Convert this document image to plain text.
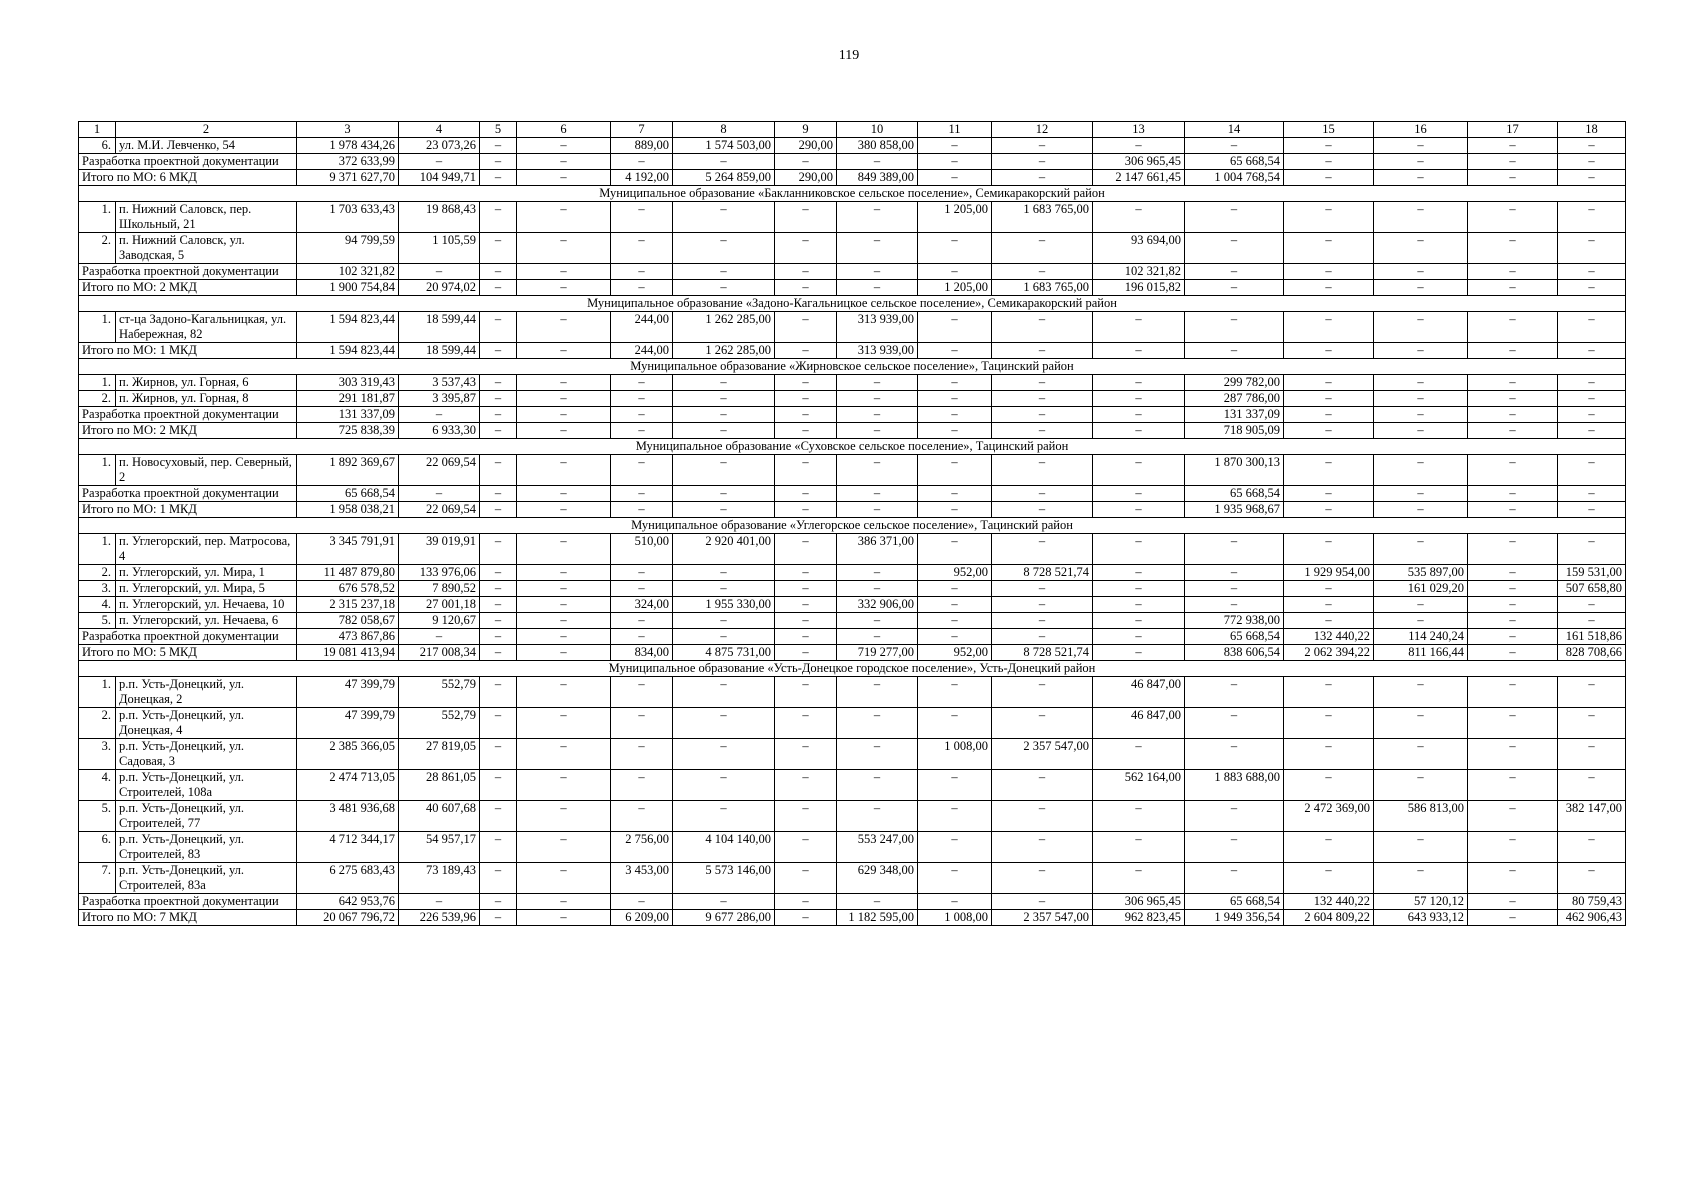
119
1	2	3	4	5	6	7	8	9	10	11	12	13	14	15	16	17	18
6.	ул. М.И. Левченко, 54	1 978 434,26	23 073,26	–	–	889,00	1 574 503,00	290,00	380 858,00	–	–	–	–	–	–	–	–
Разработка проектной документации		372 633,99	–	–	–	–	–	–	–	–	–	306 965,45	65 668,54	–	–	–	–
Итого по МО: 6 МКД		9 371 627,70	104 949,71	–	–	4 192,00	5 264 859,00	290,00	849 389,00	–	–	2 147 661,45	1 004 768,54	–	–	–	–
Муниципальное образование «Бакланниковское сельское поселение», Семикаракорский район																	
1.	п. Нижний Саловск, пер. Школьный, 21	1 703 633,43	19 868,43	–	–	–	–	–	–	1 205,00	1 683 765,00	–	–	–	–	–	–
2.	п. Нижний Саловск, ул. Заводская, 5	94 799,59	1 105,59	–	–	–	–	–	–	–	–	93 694,00	–	–	–	–	–
Разработка проектной документации		102 321,82	–	–	–	–	–	–	–	–	–	102 321,82	–	–	–	–	–
Итого по МО: 2 МКД		1 900 754,84	20 974,02	–	–	–	–	–	–	1 205,00	1 683 765,00	196 015,82	–	–	–	–	–
Муниципальное образование «Задоно-Кагальницкое сельское поселение», Семикаракорский район																	
1.	ст-ца Задоно-Кагальницкая, ул. Набережная, 82	1 594 823,44	18 599,44	–	–	244,00	1 262 285,00	–	313 939,00	–	–	–	–	–	–	–	–
Итого по МО: 1 МКД		1 594 823,44	18 599,44	–	–	244,00	1 262 285,00	–	313 939,00	–	–	–	–	–	–	–	–
Муниципальное образование «Жирновское сельское поселение», Тацинский район																	
1.	п. Жирнов, ул. Горная, 6	303 319,43	3 537,43	–	–	–	–	–	–	–	–	–	299 782,00	–	–	–	–
2.	п. Жирнов, ул. Горная, 8	291 181,87	3 395,87	–	–	–	–	–	–	–	–	–	287 786,00	–	–	–	–
Разработка проектной документации		131 337,09	–	–	–	–	–	–	–	–	–	–	131 337,09	–	–	–	–
Итого по МО: 2 МКД		725 838,39	6 933,30	–	–	–	–	–	–	–	–	–	718 905,09	–	–	–	–
Муниципальное образование «Суховское сельское поселение», Тацинский район																	
1.	п. Новосуховый, пер. Северный, 2	1 892 369,67	22 069,54	–	–	–	–	–	–	–	–	–	1 870 300,13	–	–	–	–
Разработка проектной документации		65 668,54	–	–	–	–	–	–	–	–	–	–	65 668,54	–	–	–	–
Итого по МО: 1 МКД		1 958 038,21	22 069,54	–	–	–	–	–	–	–	–	–	1 935 968,67	–	–	–	–
Муниципальное образование «Углегорское сельское поселение», Тацинский район																	
1.	п. Углегорский, пер. Матросова, 4	3 345 791,91	39 019,91	–	–	510,00	2 920 401,00	–	386 371,00	–	–	–	–	–	–	–	–
2.	п. Углегорский, ул. Мира, 1	11 487 879,80	133 976,06	–	–	–	–	–	–	952,00	8 728 521,74	–	–	1 929 954,00	535 897,00	–	159 531,00
3.	п. Углегорский, ул. Мира, 5	676 578,52	7 890,52	–	–	–	–	–	–	–	–	–	–	–	161 029,20	–	507 658,80
4.	п. Углегорский, ул. Нечаева, 10	2 315 237,18	27 001,18	–	–	324,00	1 955 330,00	–	332 906,00	–	–	–	–	–	–	–	–
5.	п. Углегорский, ул. Нечаева, 6	782 058,67	9 120,67	–	–	–	–	–	–	–	–	–	772 938,00	–	–	–	–
Разработка проектной документации		473 867,86	–	–	–	–	–	–	–	–	–	–	65 668,54	132 440,22	114 240,24	–	161 518,86
Итого по МО: 5 МКД		19 081 413,94	217 008,34	–	–	834,00	4 875 731,00	–	719 277,00	952,00	8 728 521,74	–	838 606,54	2 062 394,22	811 166,44	–	828 708,66
Муниципальное образование «Усть-Донецкое городское поселение», Усть-Донецкий район																	
1.	р.п. Усть-Донецкий, ул. Донецкая, 2	47 399,79	552,79	–	–	–	–	–	–	–	–	46 847,00	–	–	–	–	–
2.	р.п. Усть-Донецкий, ул. Донецкая, 4	47 399,79	552,79	–	–	–	–	–	–	–	–	46 847,00	–	–	–	–	–
3.	р.п. Усть-Донецкий, ул. Садовая, 3	2 385 366,05	27 819,05	–	–	–	–	–	–	1 008,00	2 357 547,00	–	–	–	–	–	–
4.	р.п. Усть-Донецкий, ул. Строителей, 108а	2 474 713,05	28 861,05	–	–	–	–	–	–	–	–	562 164,00	1 883 688,00	–	–	–	–
5.	р.п. Усть-Донецкий, ул. Строителей, 77	3 481 936,68	40 607,68	–	–	–	–	–	–	–	–	–	–	2 472 369,00	586 813,00	–	382 147,00
6.	р.п. Усть-Донецкий, ул. Строителей, 83	4 712 344,17	54 957,17	–	–	2 756,00	4 104 140,00	–	553 247,00	–	–	–	–	–	–	–	–
7.	р.п. Усть-Донецкий, ул. Строителей, 83а	6 275 683,43	73 189,43	–	–	3 453,00	5 573 146,00	–	629 348,00	–	–	–	–	–	–	–	–
Разработка проектной документации		642 953,76	–	–	–	–	–	–	–	–	–	306 965,45	65 668,54	132 440,22	57 120,12	–	80 759,43
Итого по МО: 7 МКД		20 067 796,72	226 539,96	–	–	6 209,00	9 677 286,00	–	1 182 595,00	1 008,00	2 357 547,00	962 823,45	1 949 356,54	2 604 809,22	643 933,12	–	462 906,43
